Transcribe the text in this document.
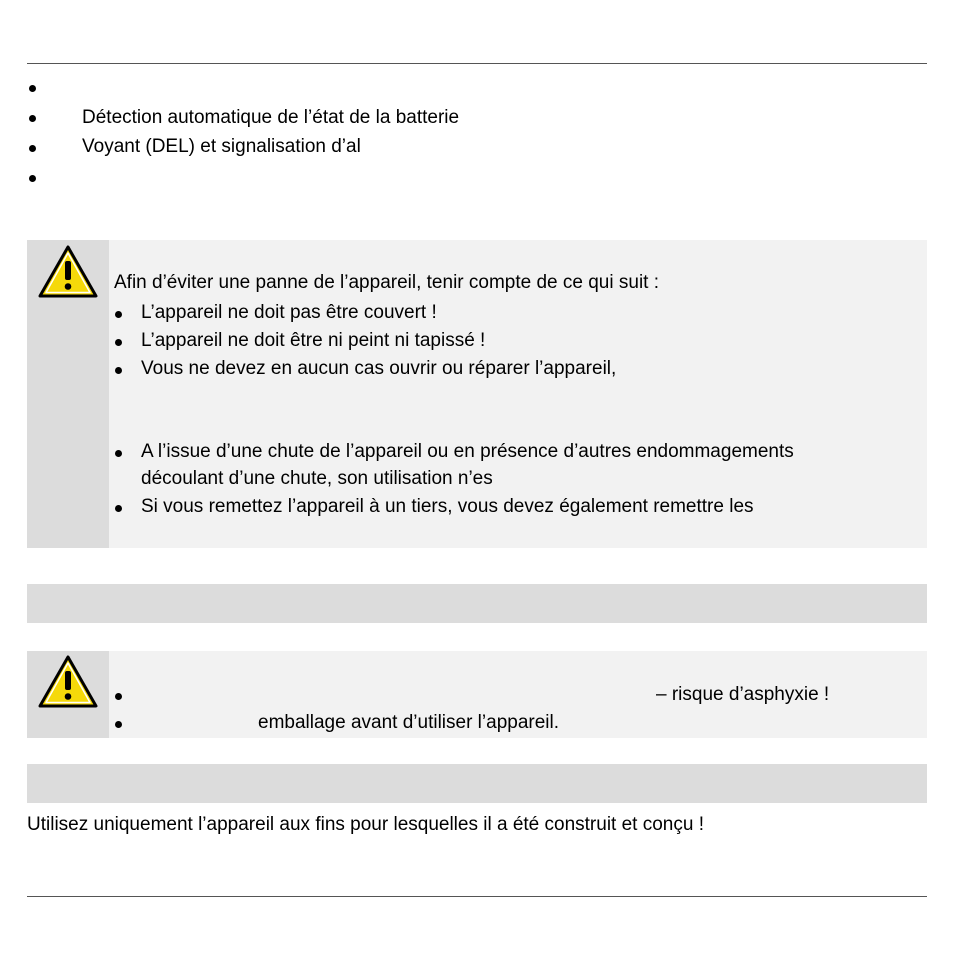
Détection automatique de l’état de la batterie
Voyant (DEL) et signalisation d’al
Afin d’éviter une panne de l’appareil, tenir compte de ce qui suit :
L’appareil ne doit pas être couvert !
L’appareil ne doit être ni peint ni tapissé !
Vous ne devez en aucun cas ouvrir ou réparer l’appareil,
A l’issue d’une chute de l’appareil ou en présence d’autres endommagements
découlant d’une chute, son utilisation n’es
Si vous remettez l’appareil à un tiers, vous devez également remettre les
– risque d’asphyxie !
emballage avant d’utiliser l’appareil.
Utilisez uniquement l’appareil aux fins pour lesquelles il a été construit et conçu !
